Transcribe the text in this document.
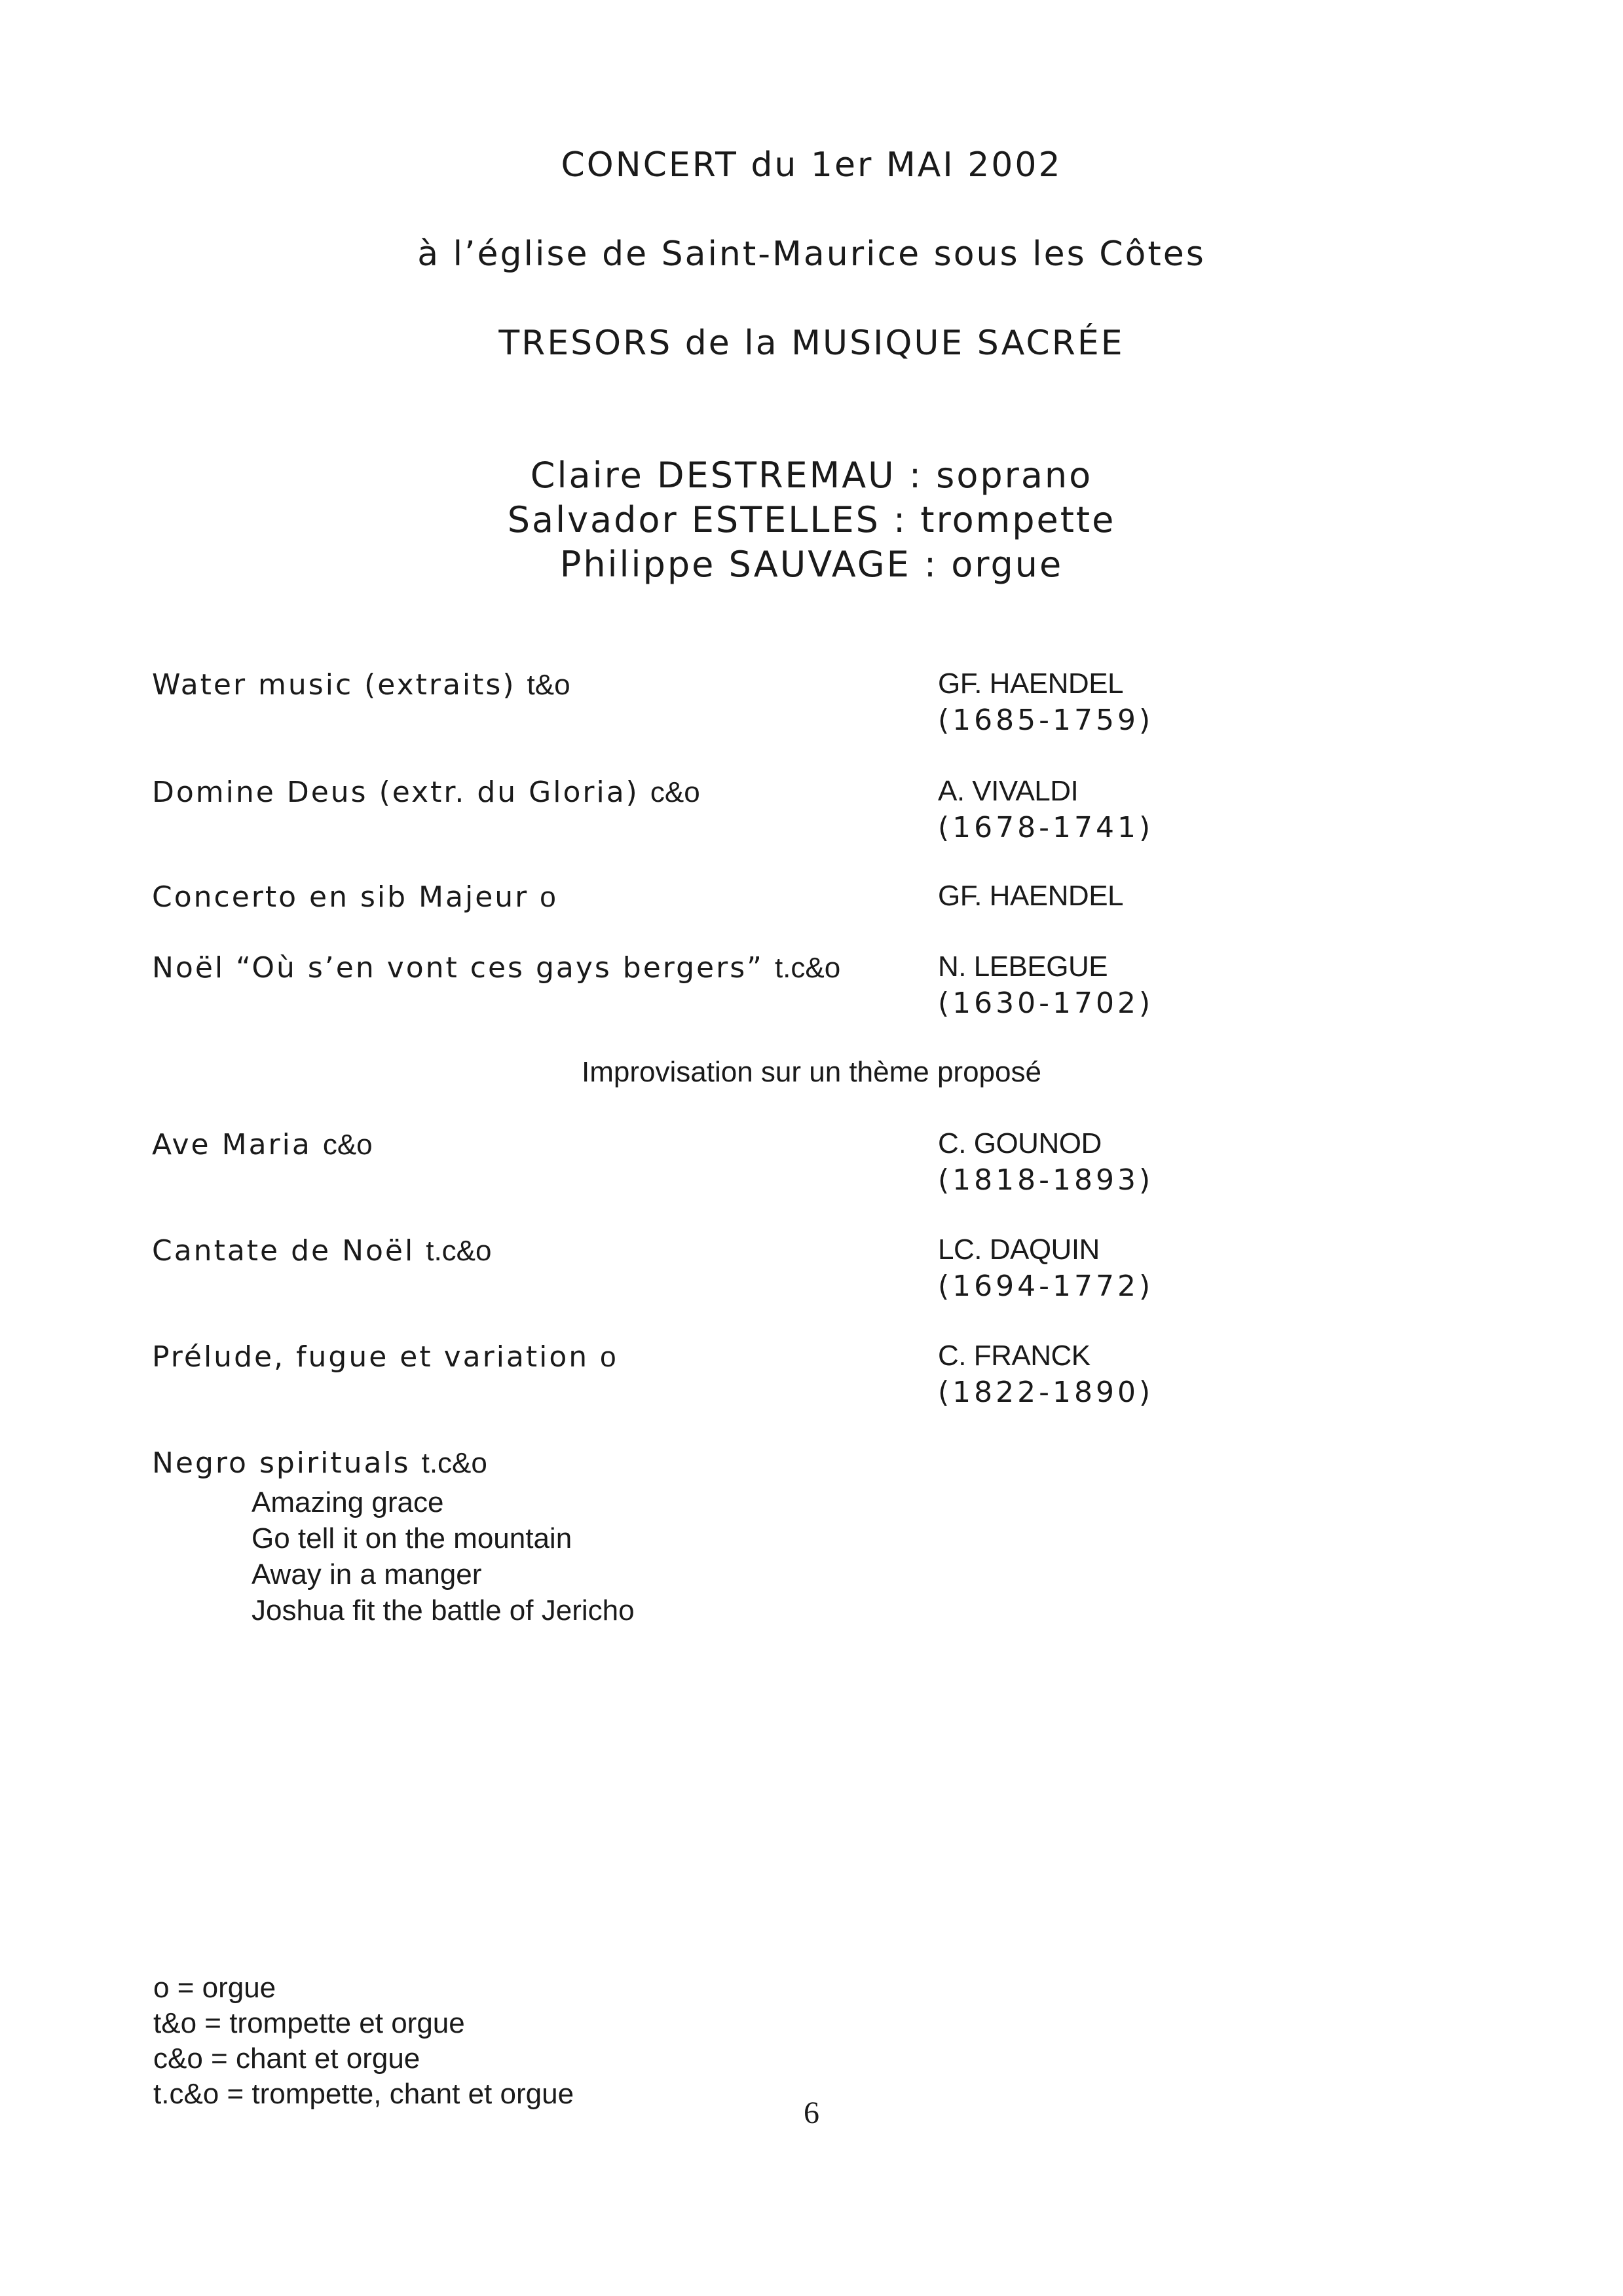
CONCERT du 1er MAI 2002
à l’église de Saint-Maurice sous les Côtes
TRESORS de la MUSIQUE SACRÉE
Claire DESTREMAU : soprano
Salvador ESTELLES : trompette
Philippe SAUVAGE : orgue
Water music (extraits) t&o	GF. HAENDEL
(1685-1759)
Domine Deus (extr. du Gloria) c&o	A. VIVALDI
(1678-1741)
Concerto en sib Majeur o	GF. HAENDEL
Noël “Où s’en vont ces gays bergers” t.c&o	N. LEBEGUE
(1630-1702)
Improvisation sur un thème proposé
Ave Maria c&o	C. GOUNOD
(1818-1893)
Cantate de Noël t.c&o	LC. DAQUIN
(1694-1772)
Prélude, fugue et variation o	C. FRANCK
(1822-1890)
Negro spirituals t.c&o
Amazing grace
Go tell it on the mountain
Away in a manger
Joshua fit the battle of Jericho
o = orgue
t&o = trompette et orgue
c&o = chant et orgue
t.c&o = trompette, chant et orgue
6
